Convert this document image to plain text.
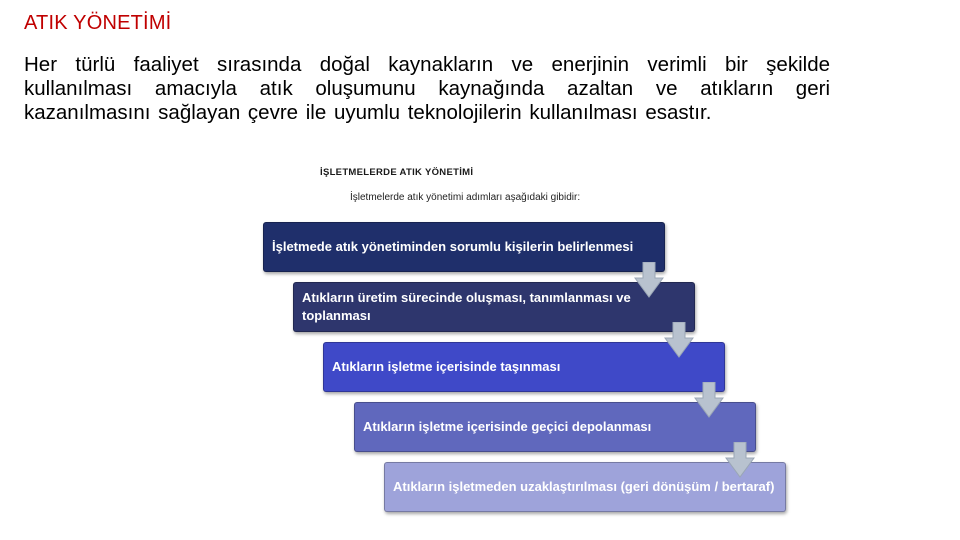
ATIK YÖNETİMİ
Her türlü faaliyet sırasında doğal kaynakların ve enerjinin verimli bir şekilde kullanılması amacıyla atık oluşumunu kaynağında azaltan ve atıkların geri kazanılmasını sağlayan çevre ile uyumlu teknolojilerin kullanılması esastır.
İŞLETMELERDE ATIK YÖNETİMİ
İşletmelerde atık yönetimi adımları aşağıdaki gibidir:
İşletmede atık yönetiminden sorumlu kişilerin belirlenmesi
Atıkların üretim sürecinde oluşması, tanımlanması ve toplanması
Atıkların işletme içerisinde taşınması
Atıkların işletme içerisinde geçici depolanması
Atıkların işletmeden uzaklaştırılması (geri dönüşüm / bertaraf)
